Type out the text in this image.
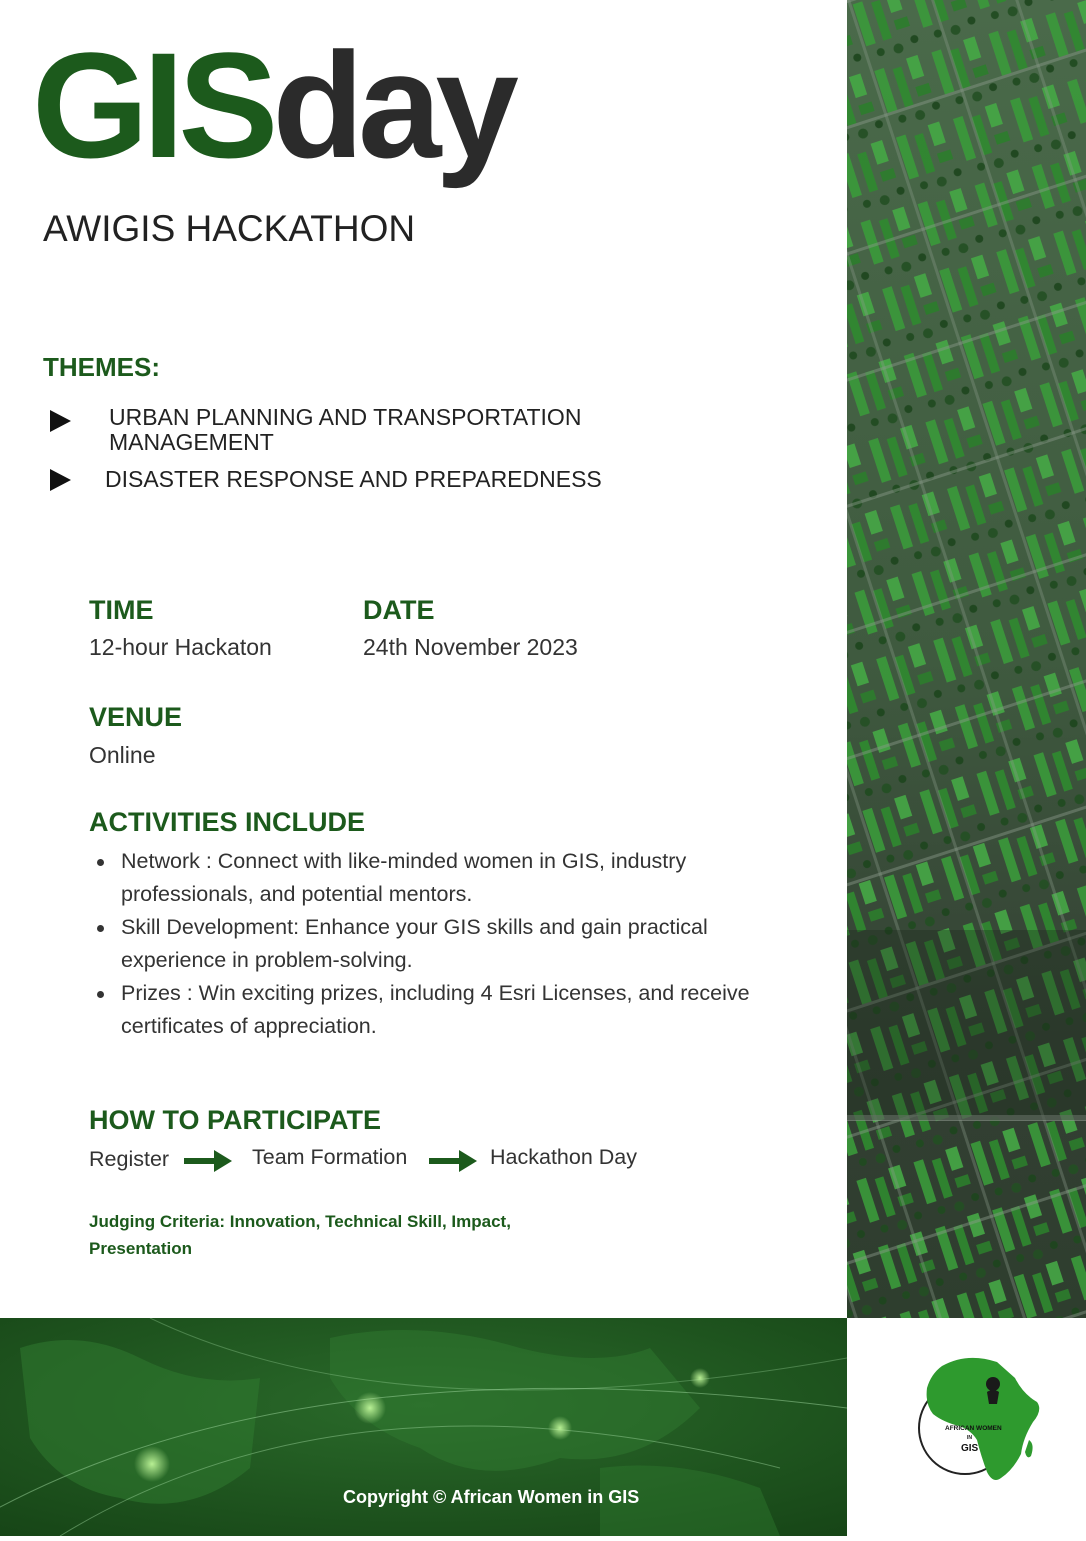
GISday
AWIGIS HACKATHON
THEMES:
URBAN PLANNING AND TRANSPORTATION
MANAGEMENT
DISASTER RESPONSE AND PREPAREDNESS
TIME	DATE
12-hour Hackaton	24th November 2023
VENUE
Online
ACTIVITIES INCLUDE
Network : Connect with like-minded women in GIS, industry professionals, and potential mentors.
Skill Development: Enhance your GIS skills and gain practical experience in problem-solving.
Prizes : Win exciting prizes, including 4 Esri Licenses, and receive certificates of appreciation.
HOW TO PARTICIPATE
Register	Team Formation	Hackathon Day
Judging Criteria: Innovation, Technical Skill, Impact, Presentation
Copyright © African Women in GIS
AFRICAN WOMEN
IN
GIS
